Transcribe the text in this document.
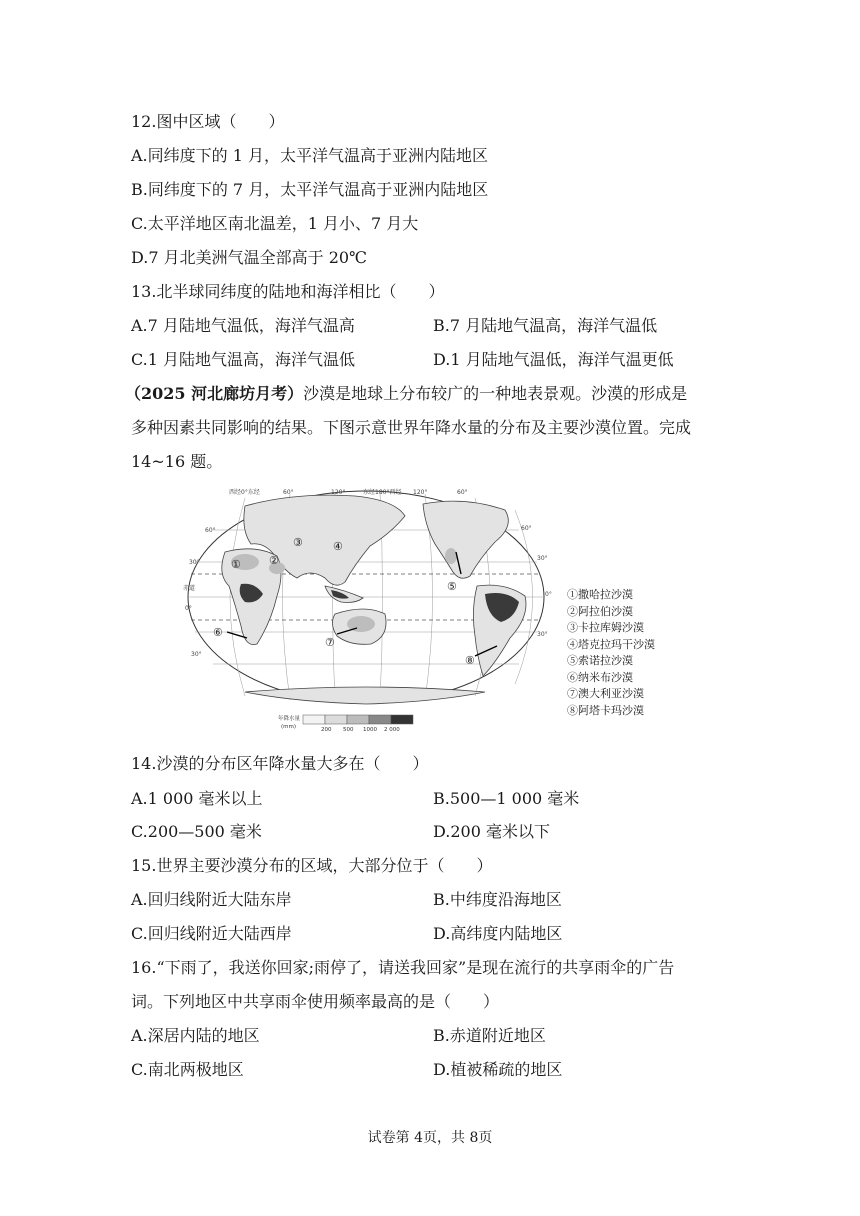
12.图中区域（　　）
A.同纬度下的 1 月，太平洋气温高于亚洲内陆地区
B.同纬度下的 7 月，太平洋气温高于亚洲内陆地区
C.太平洋地区南北温差，1 月小、7 月大
D.7 月北美洲气温全部高于 20℃
13.北半球同纬度的陆地和海洋相比（　　）
A.7 月陆地气温低，海洋气温高	B.7 月陆地气温高，海洋气温低
C.1 月陆地气温高，海洋气温低	D.1 月陆地气温低，海洋气温更低
（2025 河北廊坊月考）沙漠是地球上分布较广的一种地表景观。沙漠的形成是
多种因素共同影响的结果。下图示意世界年降水量的分布及主要沙漠位置。完成
14~16 题。
①	②
③	④
⑤
⑥
⑦
⑧
西经0°东经	60°	120°	东经180°西经 120°	60°
60°
30°
赤道
0°
30°
60°
30°
0°
30°
年降水量
(mm)	200 500 1000 2 000
①撒哈拉沙漠
②阿拉伯沙漠
③卡拉库姆沙漠
④塔克拉玛干沙漠
⑤索诺拉沙漠
⑥纳米布沙漠
⑦澳大利亚沙漠
⑧阿塔卡玛沙漠
14.沙漠的分布区年降水量大多在（　　）
A.1 000 毫米以上	B.500—1 000 毫米
C.200—500 毫米	D.200 毫米以下
15.世界主要沙漠分布的区域，大部分位于（　　）
A.回归线附近大陆东岸	B.中纬度沿海地区
C.回归线附近大陆西岸	D.高纬度内陆地区
16.“下雨了，我送你回家;雨停了，请送我回家”是现在流行的共享雨伞的广告
词。下列地区中共享雨伞使用频率最高的是（　　）
A.深居内陆的地区	B.赤道附近地区
C.南北两极地区	D.植被稀疏的地区
试卷第 4页，共 8页
